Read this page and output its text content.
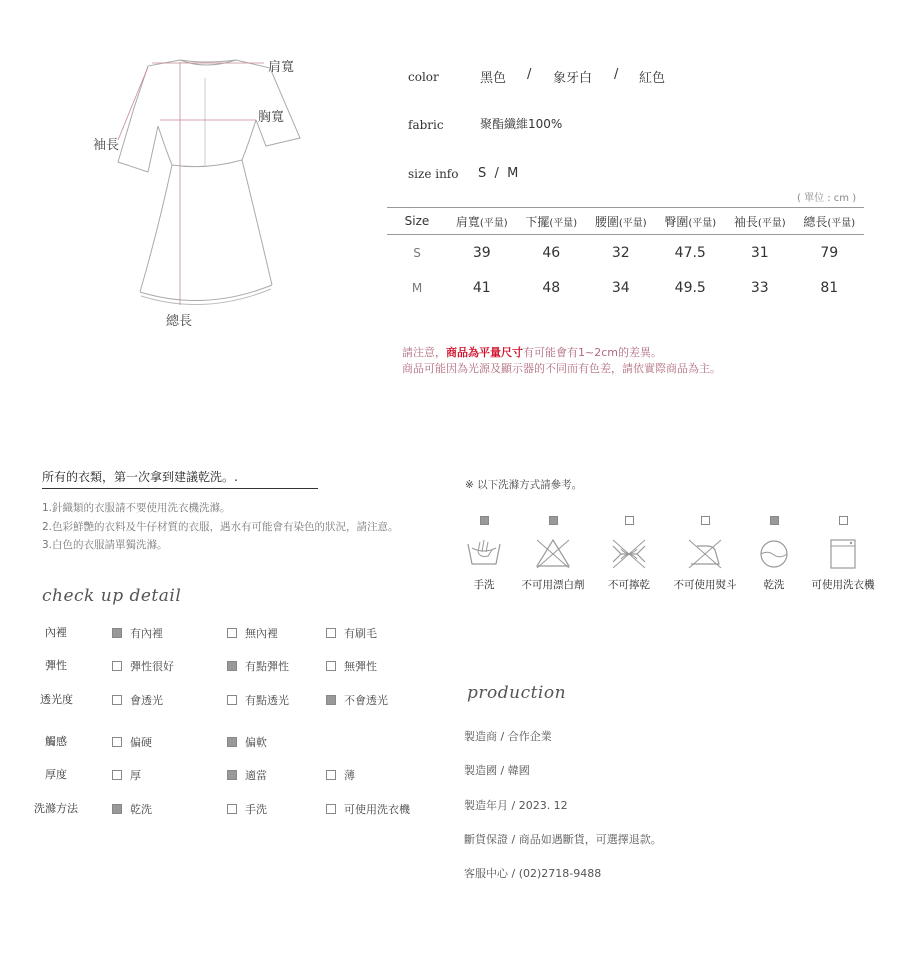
肩寬
胸寬
袖長
總長
color	黑色 / 象牙白 / 紅色
fabric	聚酯纖維100%
size info S  /  M
( 單位 : cm )
Size	肩寬(平量)	下擺(平量)	腰圍(平量)	臀圍(平量)	袖長(平量)	總長(平量)
S	39	46	32	47.5	31	79
M	41	48	34	49.5	33	81
請注意，商品為平量尺寸有可能會有1~2cm的差異。
商品可能因為光源及顯示器的不同而有色差，請依實際商品為主。
所有的衣類，第一次拿到建議乾洗。.
1.針織類的衣服請不要使用洗衣機洗滌。
2.色彩鮮艷的衣料及牛仔材質的衣服，遇水有可能會有染色的狀況，請注意。
3.白色的衣服請單獨洗滌。
check up detail
內裡	有內裡	無內裡	有刷毛
彈性	彈性很好	有點彈性	無彈性
透光度	會透光	有點透光	不會透光
觸感	偏硬	偏軟
厚度	厚	適當	薄
洗滌方法	乾洗	手洗	可使用洗衣機
※ 以下洗滌方式請參考。
手洗	不可用漂白劑	不可擰乾	不可使用熨斗	乾洗	可使用洗衣機
production
製造商 / 合作企業
製造國 / 韓國
製造年月 / 2023. 12
斷貨保證 / 商品如遇斷貨，可選擇退款。
客服中心 / (02)2718-9488
